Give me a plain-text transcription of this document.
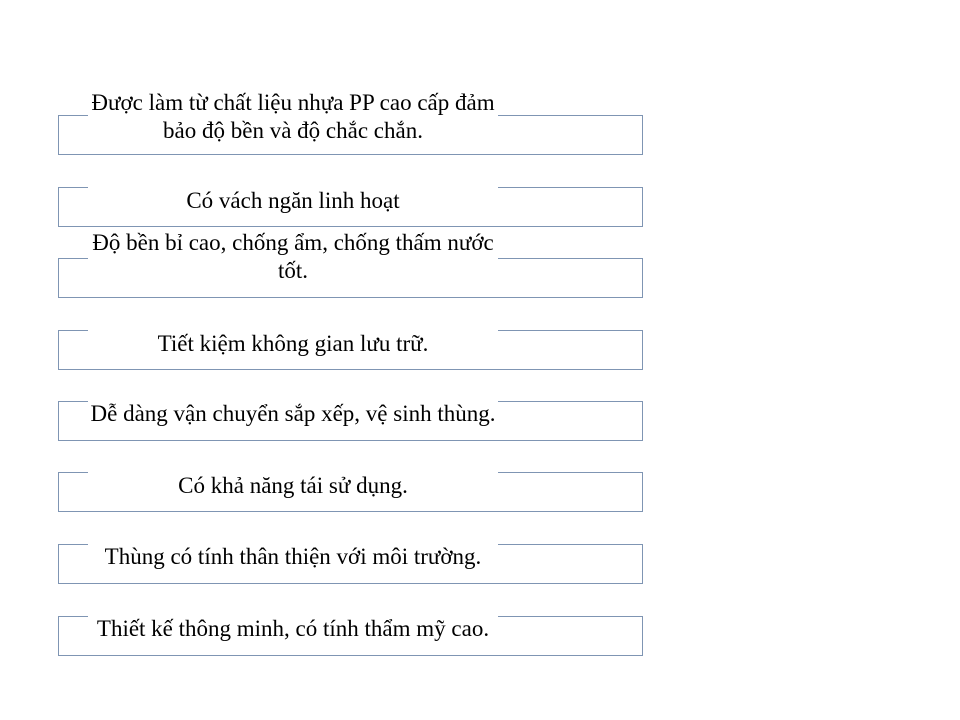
Được làm từ chất liệu nhựa PP cao cấp đảm bảo độ bền và độ chắc chắn.
Có vách ngăn linh hoạt
Độ bền bỉ cao, chống ẩm, chống thấm nước tốt.
Tiết kiệm không gian lưu trữ.
Dễ dàng vận chuyển sắp xếp, vệ sinh thùng.
Có khả năng tái sử dụng.
Thùng có tính thân thiện với môi trường.
Thiết kế thông minh, có tính thẩm mỹ cao.
